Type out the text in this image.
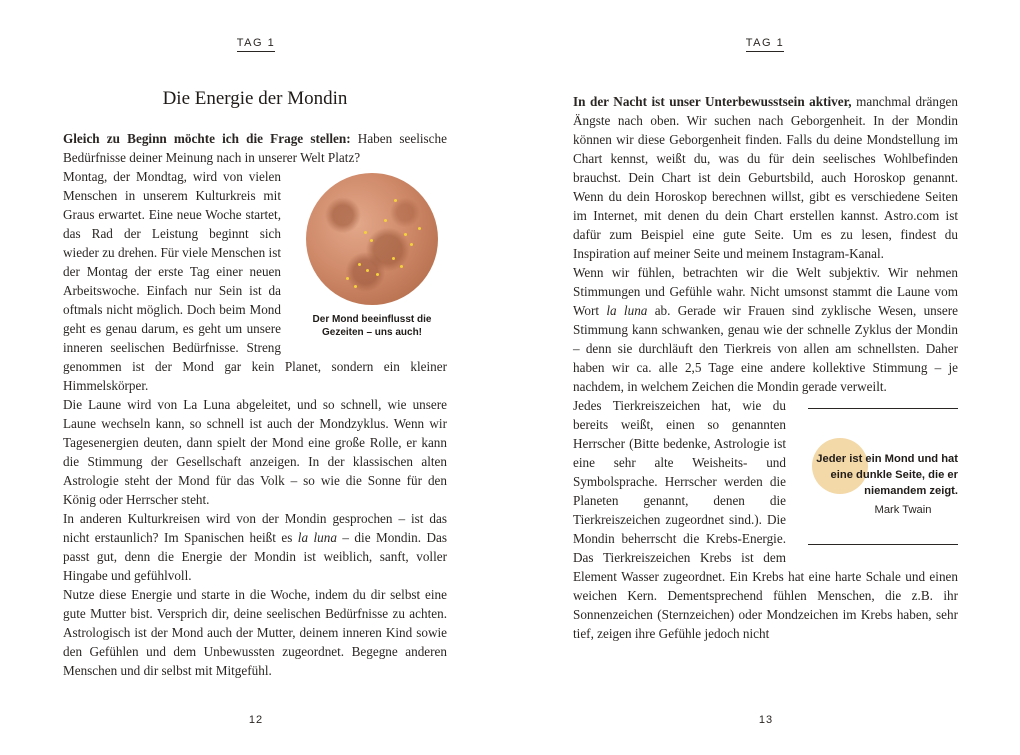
TAG 1
Die Energie der Mondin

Gleich zu Beginn möchte ich die Frage stellen: Haben seelische Bedürfnisse deiner Meinung nach in unserer Welt Platz?

Der Mond beeinflusst die Gezeiten – uns auch!

Montag, der Mondtag, wird von vielen Menschen in unserem Kulturkreis mit Graus erwartet. Eine neue Woche startet, das Rad der Leistung beginnt sich wieder zu drehen. Für viele Menschen ist der Montag der erste Tag einer neuen Arbeitswoche. Einfach nur Sein ist da oftmals nicht möglich. Doch beim Mond geht es genau darum, es geht um unsere inneren seelischen Bedürfnisse. Streng genommen ist der Mond gar kein Planet, sondern ein kleiner Himmelskörper.

Die Laune wird von La Luna abgeleitet, und so schnell, wie unsere Laune wechseln kann, so schnell ist auch der Mondzyklus. Wenn wir Tagesenergien deuten, dann spielt der Mond eine große Rolle, er kann die Stimmung der Gesellschaft anzeigen. In der klassischen alten Astrologie steht der Mond für das Volk – so wie die Sonne für den König oder Herrscher steht.

In anderen Kulturkreisen wird von der Mondin gesprochen – ist das nicht erstaunlich? Im Spanischen heißt es la luna – die Mondin. Das passt gut, denn die Energie der Mondin ist weiblich, sanft, voller Hingabe und gefühlvoll.

Nutze diese Energie und starte in die Woche, indem du dir selbst eine gute Mutter bist. Versprich dir, deine seelischen Bedürfnisse zu achten. Astrologisch ist der Mond auch der Mutter, deinem inneren Kind sowie den Gefühlen und dem Unbewussten zugeordnet. Begegne anderen Menschen und dir selbst mit Mitgefühl.

12
TAG 1

In der Nacht ist unser Unterbewusstsein aktiver, manchmal drängen Ängste nach oben. Wir suchen nach Geborgenheit. In der Mondin können wir diese Geborgenheit finden. Falls du deine Mondstellung im Chart kennst, weißt du, was du für dein seelisches Wohlbefinden brauchst. Dein Chart ist dein Geburtsbild, auch Horoskop genannt. Wenn du dein Horoskop berechnen willst, gibt es verschiedene Seiten im Internet, mit denen du dein Chart erstellen kannst. Astro.com ist dafür zum Beispiel eine gute Seite. Um es zu lesen, findest du Inspiration auf meiner Seite und meinem Instagram-Kanal.

Wenn wir fühlen, betrachten wir die Welt subjektiv. Wir nehmen Stimmungen und Gefühle wahr. Nicht umsonst stammt die Laune vom Wort la luna ab. Gerade wir Frauen sind zyklische Wesen, unsere Stimmung kann schwanken, genau wie der schnelle Zyklus der Mondin – denn sie durchläuft den Tierkreis von allen am schnellsten. Daher haben wir ca. alle 2,5 Tage eine andere kollektive Stimmung – je nachdem, in welchem Zeichen die Mondin gerade verweilt.

Jeder ist ein Mond und hat eine dunkle Seite, die er niemandem zeigt.
Mark Twain

Jedes Tierkreiszeichen hat, wie du bereits weißt, einen so genannten Herrscher (Bitte bedenke, Astrologie ist eine sehr alte Weisheits- und Symbolsprache. Herrscher werden die Planeten genannt, denen die Tierkreiszeichen zugeordnet sind.). Die Mondin beherrscht die Krebs-Energie. Das Tierkreiszeichen Krebs ist dem Element Wasser zugeordnet. Ein Krebs hat eine harte Schale und einen weichen Kern. Dementsprechend fühlen Menschen, die z.B. ihr Sonnenzeichen (Sternzeichen) oder Mondzeichen im Krebs haben, sehr tief, zeigen ihre Gefühle jedoch nicht

13
